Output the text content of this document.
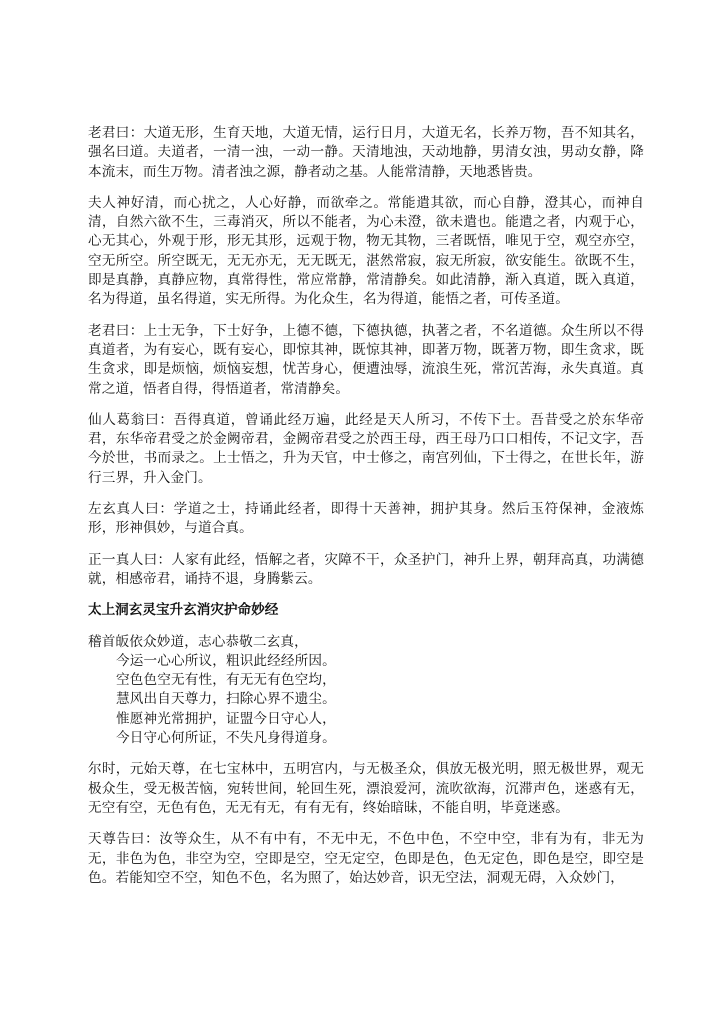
老君曰：大道无形，生育天地，大道无情，运行日月，大道无名，长养万物，吾不知其名，强名曰道。夫道者，一清一浊，一动一静。天清地浊，天动地静，男清女浊，男动女静，降本流末，而生万物。清者浊之源，静者动之基。人能常清静，天地悉皆贵。

夫人神好清，而心扰之，人心好静，而欲牵之。常能遣其欲，而心自静，澄其心，而神自清，自然六欲不生，三毒消灭，所以不能者，为心未澄，欲未遣也。能遣之者，内观于心，心无其心，外观于形，形无其形，远观于物，物无其物，三者既悟，唯见于空，观空亦空，空无所空。所空既无，无无亦无，无无既无，湛然常寂，寂无所寂，欲安能生。欲既不生，即是真静，真静应物，真常得性，常应常静，常清静矣。如此清静，渐入真道，既入真道，名为得道，虽名得道，实无所得。为化众生，名为得道，能悟之者，可传圣道。

老君曰：上士无争，下士好争，上德不德，下德执德，执著之者，不名道德。众生所以不得真道者，为有妄心，既有妄心，即惊其神，既惊其神，即著万物，既著万物，即生贪求，既生贪求，即是烦恼，烦恼妄想，忧苦身心，便遭浊辱，流浪生死，常沉苦海，永失真道。真常之道，悟者自得，得悟道者，常清静矣。

仙人葛翁曰：吾得真道，曾诵此经万遍，此经是天人所习，不传下士。吾昔受之於东华帝君，东华帝君受之於金阙帝君，金阙帝君受之於西王母，西王母乃口口相传，不记文字，吾今於世，书而录之。上士悟之，升为天官，中士修之，南宫列仙，下士得之，在世长年，游行三界，升入金门。

左玄真人曰：学道之士，持诵此经者，即得十天善神，拥护其身。然后玉符保神，金液炼形，形神俱妙，与道合真。

正一真人曰：人家有此经，悟解之者，灾障不干，众圣护门，神升上界，朝拜高真，功满德就，相感帝君，诵持不退，身腾紫云。

太上洞玄灵宝升玄消灾护命妙经

稽首皈依众妙道，志心恭敬二玄真，
今运一心心所议，粗识此经经所因。
空色色空无有性，有无无有色空均，
慧风出自天尊力，扫除心界不遗尘。
惟愿神光常拥护，证盟今日守心人，
今日守心何所证，不失凡身得道身。

尔时，元始天尊，在七宝林中，五明宫内，与无极圣众，俱放无极光明，照无极世界，观无极众生，受无极苦恼，宛转世间，轮回生死，漂浪爱河，流吹欲海，沉滞声色，迷惑有无，无空有空，无色有色，无无有无，有有无有，终始暗昧，不能自明，毕竟迷惑。

天尊告曰：汝等众生，从不有中有，不无中无，不色中色，不空中空，非有为有，非无为无，非色为色，非空为空，空即是空，空无定空，色即是色，色无定色，即色是空，即空是色。若能知空不空，知色不色，名为照了，始达妙音，识无空法，洞观无碍，入众妙门，
